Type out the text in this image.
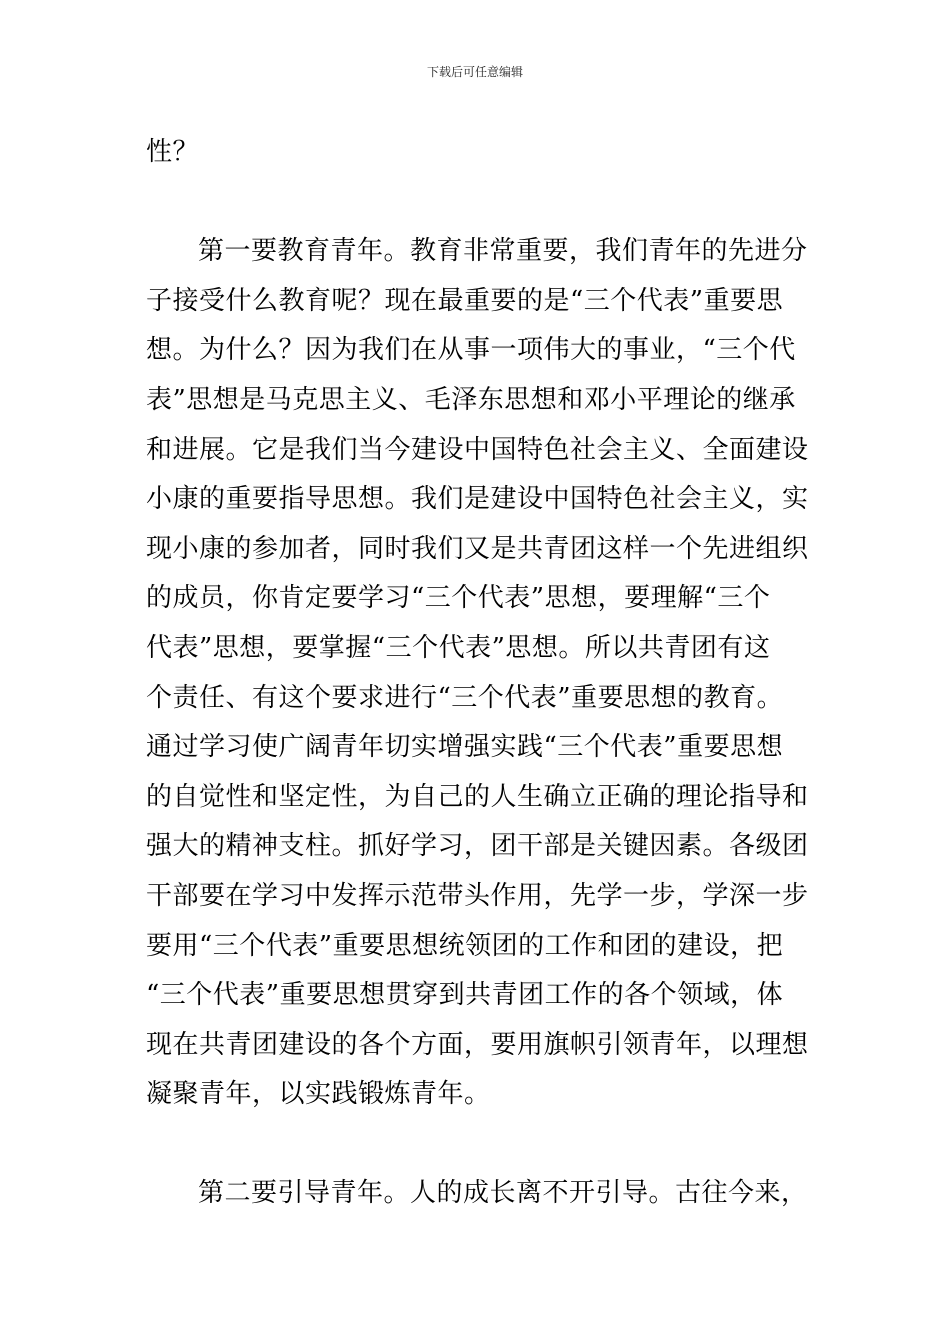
下载后可任意编辑
性？
第一要教育青年。教育非常重要，我们青年的先进分
子接受什么教育呢？现在最重要的是“三个代表”重要思
想。为什么？因为我们在从事一项伟大的事业，“三个代
表”思想是马克思主义、毛泽东思想和邓小平理论的继承
和进展。它是我们当今建设中国特色社会主义、全面建设
小康的重要指导思想。我们是建设中国特色社会主义，实
现小康的参加者，同时我们又是共青团这样一个先进组织
的成员，你肯定要学习“三个代表”思想，要理解“三个
代表”思想，要掌握“三个代表”思想。所以共青团有这
个责任、有这个要求进行“三个代表”重要思想的教育。
通过学习使广阔青年切实增强实践“三个代表”重要思想
的自觉性和坚定性，为自己的人生确立正确的理论指导和
强大的精神支柱。抓好学习，团干部是关键因素。各级团
干部要在学习中发挥示范带头作用，先学一步，学深一步
要用“三个代表”重要思想统领团的工作和团的建设，把
“三个代表”重要思想贯穿到共青团工作的各个领域，体
现在共青团建设的各个方面，要用旗帜引领青年，以理想
凝聚青年，以实践锻炼青年。
第二要引导青年。人的成长离不开引导。古往今来，
